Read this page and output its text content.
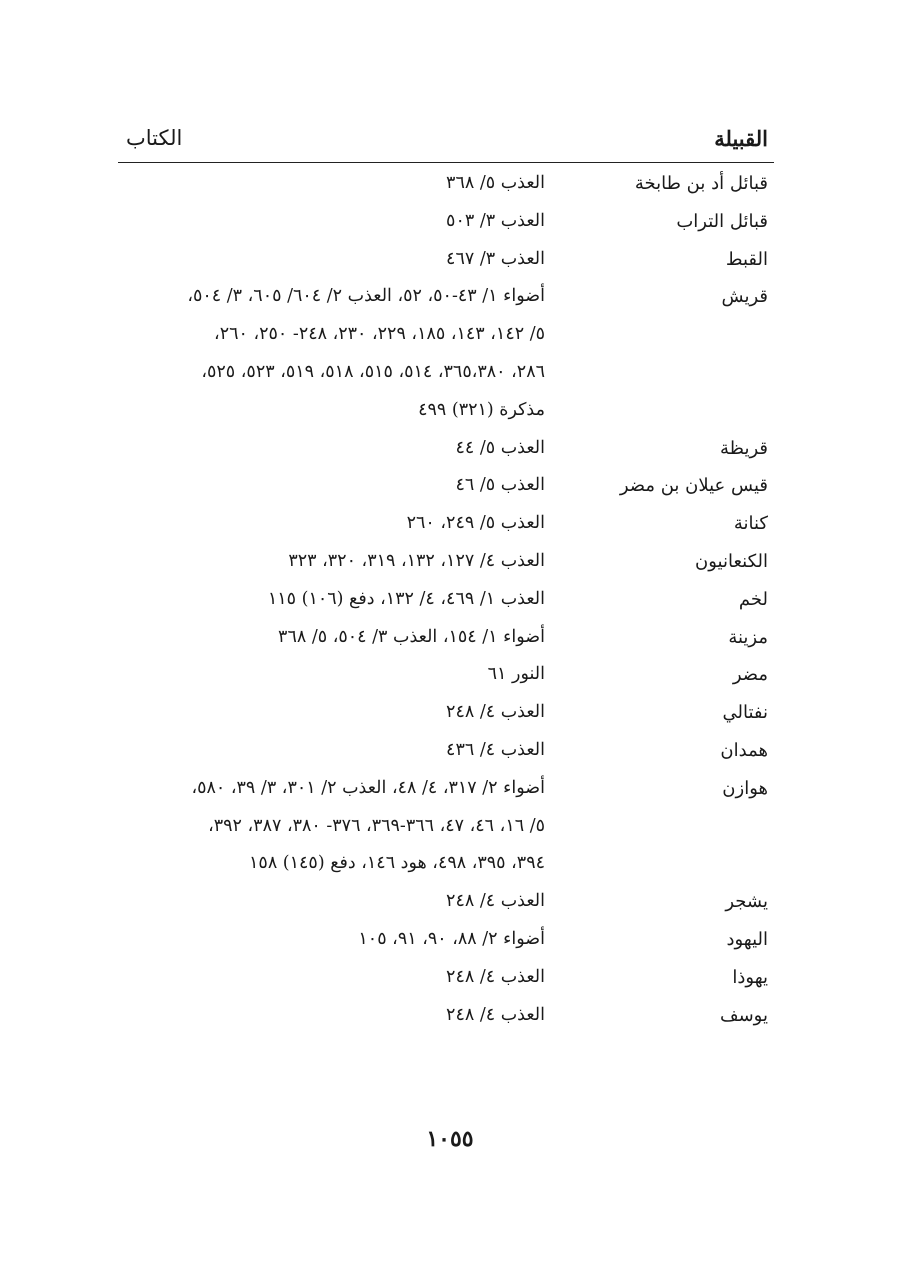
القبيلة
الكتاب
قبائل أد بن طابخة
العذب ٥/ ٣٦٨
قبائل التراب
العذب ٣/ ٥٠٣
القبط
العذب ٣/ ٤٦٧
قريش
أضواء ١/ ٤٣-٥٠، ٥٢، العذب ٢/ ٦٠٤/ ٦٠٥، ٣/ ٥٠٤،
٥/ ١٤٢، ١٤٣، ١٨٥، ٢٢٩، ٢٣٠، ٢٤٨- ٢٥٠، ٢٦٠،
٢٨٦، ٣٦٥،٣٨٠، ٥١٤، ٥١٥، ٥١٨، ٥١٩، ٥٢٣، ٥٢٥،
مذكرة (٣٢١) ٤٩٩
قريظة
العذب ٥/ ٤٤
قيس عيلان بن مضر
العذب ٥/ ٤٦
كنانة
العذب ٥/ ٢٤٩، ٢٦٠
الكنعانيون
العذب ٤/ ١٢٧، ١٣٢، ٣١٩، ٣٢٠، ٣٢٣
لخم
العذب ١/ ٤٦٩، ٤/ ١٣٢، دفع (١٠٦) ١١٥
مزينة
أضواء ١/ ١٥٤، العذب ٣/ ٥٠٤، ٥/ ٣٦٨
مضر
النور ٦١
نفتالي
العذب ٤/ ٢٤٨
همدان
العذب ٤/ ٤٣٦
هوازن
أضواء ٢/ ٣١٧، ٤/ ٤٨، العذب ٢/ ٣٠١، ٣/ ٣٩، ٥٨٠،
٥/ ١٦، ٤٦، ٤٧، ٣٦٦-٣٦٩، ٣٧٦- ٣٨٠، ٣٨٧، ٣٩٢،
٣٩٤، ٣٩٥، ٤٩٨، هود ١٤٦، دفع (١٤٥) ١٥٨
يشجر
العذب ٤/ ٢٤٨
اليهود
أضواء ٢/ ٨٨، ٩٠، ٩١، ١٠٥
يهوذا
العذب ٤/ ٢٤٨
يوسف
العذب ٤/ ٢٤٨
١٠٥٥
